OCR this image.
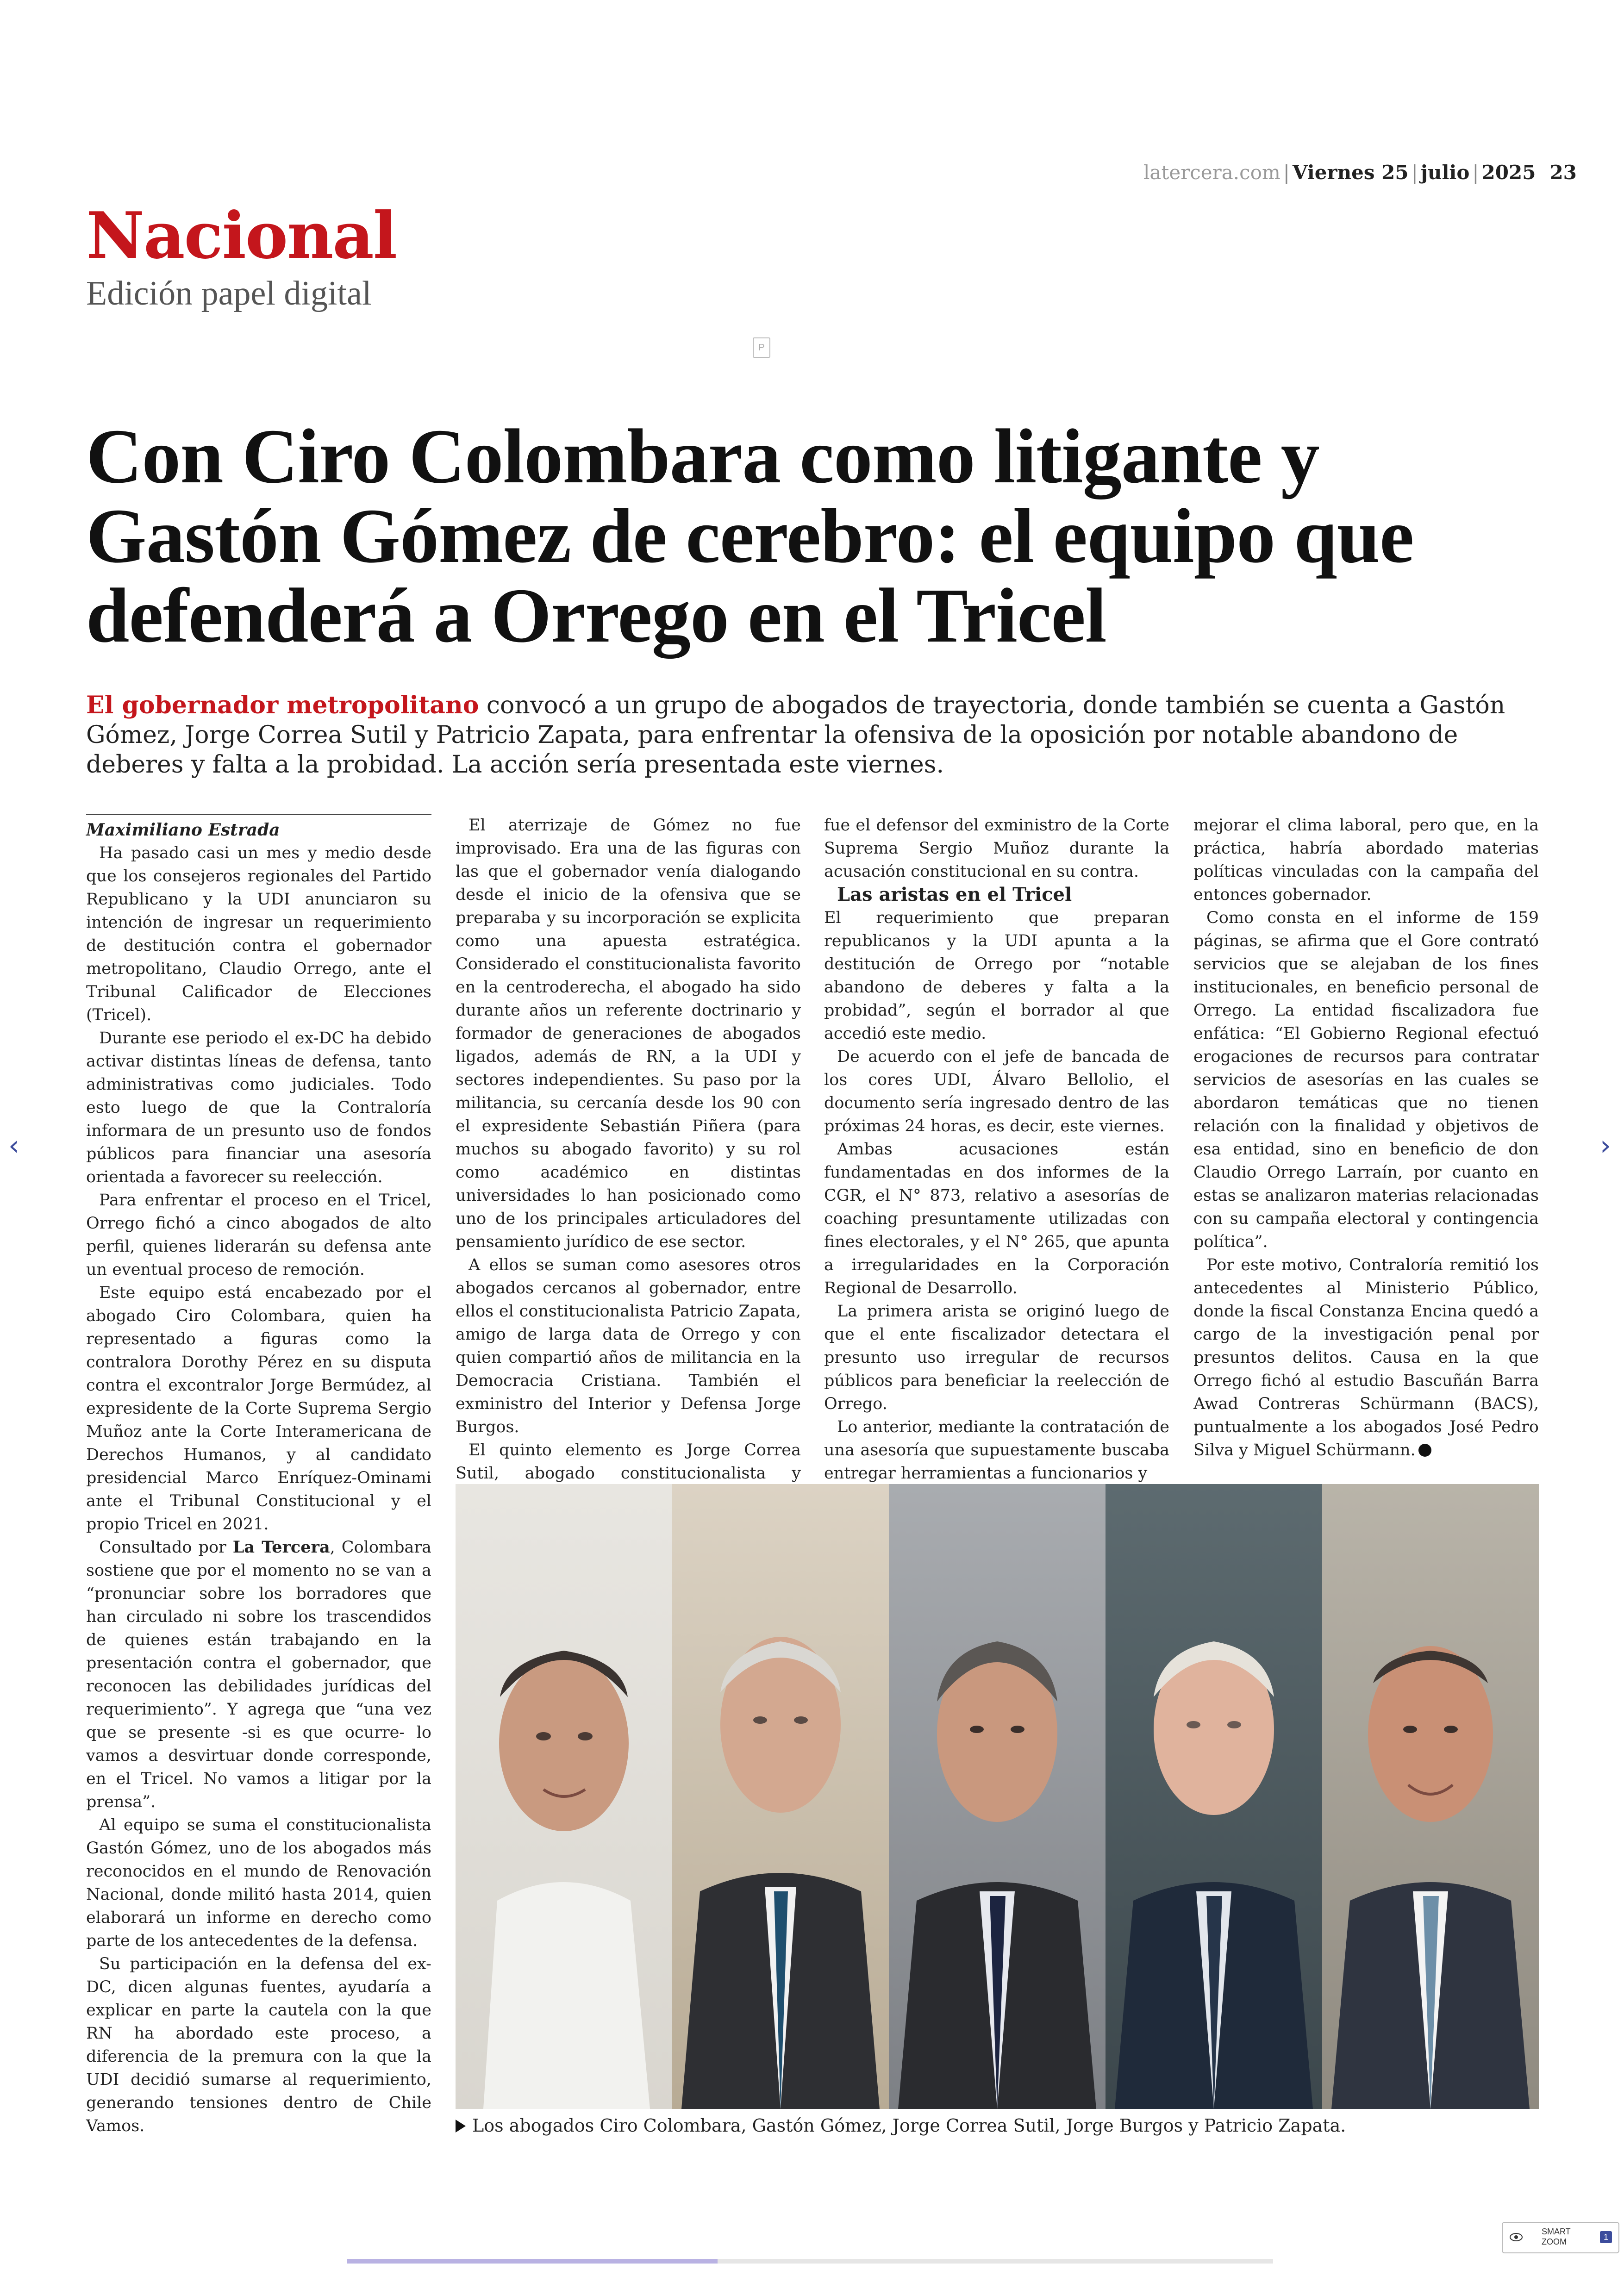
latercera.com | Viernes 25 | julio | 2025 23
Nacional
Edición papel digital
P
Con Ciro Colombara como litigante y Gastón Gómez de cerebro: el equipo que defenderá a Orrego en el Tricel
El gobernador metropolitano convocó a un grupo de abogados de trayectoria, donde también se cuenta a Gastón Gómez, Jorge Correa Sutil y Patricio Zapata, para enfrentar la ofensiva de la oposición por notable abandono de deberes y falta a la probidad. La acción sería presentada este viernes.

Maximiliano Estrada

Ha pasado casi un mes y medio desde que los consejeros regionales del Partido Republicano y la UDI anunciaron su intención de ingresar un requerimiento de destitución contra el gobernador metropolitano, Claudio Orrego, ante el Tribunal Calificador de Elecciones (Tricel).

Durante ese periodo el ex-DC ha debido activar distintas líneas de defensa, tanto administrativas como judiciales. Todo esto luego de que la Contraloría informara de un presunto uso de fondos públicos para financiar una asesoría orientada a favorecer su reelección.

Para enfrentar el proceso en el Tricel, Orrego fichó a cinco abogados de alto perfil, quienes liderarán su defensa ante un eventual proceso de remoción.

Este equipo está encabezado por el abogado Ciro Colombara, quien ha representado a figuras como la contralora Dorothy Pérez en su disputa contra el excontralor Jorge Bermúdez, al expresidente de la Corte Suprema Sergio Muñoz ante la Corte Interamericana de Derechos Humanos, y al candidato presidencial Marco Enríquez-Ominami ante el Tribunal Constitucional y el propio Tricel en 2021.

Consultado por La Tercera, Colombara sostiene que por el momento no se van a “pronunciar sobre los borradores que han circulado ni sobre los trascendidos de quienes están trabajando en la presentación contra el gobernador, que reconocen las debilidades jurídicas del requerimiento”. Y agrega que “una vez que se presente -si es que ocurre- lo vamos a desvirtuar donde corresponde, en el Tricel. No vamos a litigar por la prensa”.

Al equipo se suma el constitucionalista Gastón Gómez, uno de los abogados más reconocidos en el mundo de Renovación Nacional, donde militó hasta 2014, quien elaborará un informe en derecho como parte de los antecedentes de la defensa.

Su participación en la defensa del ex-DC, dicen algunas fuentes, ayudaría a explicar en parte la cautela con la que RN ha abordado este proceso, a diferencia de la premura con la que la UDI decidió sumarse al requerimiento, generando tensiones dentro de Chile Vamos.

El aterrizaje de Gómez no fue improvisado. Era una de las figuras con las que el gobernador venía dialogando desde el inicio de la ofensiva que se preparaba y su incorporación se explicita como una apuesta estratégica. Considerado el constitucionalista favorito en la centroderecha, el abogado ha sido durante años un referente doctrinario y formador de generaciones de abogados ligados, además de RN, a la UDI y sectores independientes. Su paso por la militancia, su cercanía desde los 90 con el expresidente Sebastián Piñera (para muchos su abogado favorito) y su rol como académico en distintas universidades lo han posicionado como uno de los principales articuladores del pensamiento jurídico de ese sector.

A ellos se suman como asesores otros abogados cercanos al gobernador, entre ellos el constitucionalista Patricio Zapata, amigo de larga data de Orrego y con quien compartió años de militancia en la Democracia Cristiana. También el exministro del Interior y Defensa Jorge Burgos.

El quinto elemento es Jorge Correa Sutil, abogado constitucionalista y

fue el defensor del exministro de la Corte Suprema Sergio Muñoz durante la acusación constitucional en su contra.

Las aristas en el Tricel

El requerimiento que preparan republicanos y la UDI apunta a la destitución de Orrego por “notable abandono de deberes y falta a la probidad”, según el borrador al que accedió este medio.

De acuerdo con el jefe de bancada de los cores UDI, Álvaro Bellolio, el documento sería ingresado dentro de las próximas 24 horas, es decir, este viernes.

Ambas acusaciones están fundamentadas en dos informes de la CGR, el N° 873, relativo a asesorías de coaching presuntamente utilizadas con fines electorales, y el N° 265, que apunta a irregularidades en la Corporación Regional de Desarrollo.

La primera arista se originó luego de que el ente fiscalizador detectara el presunto uso irregular de recursos públicos para beneficiar la reelección de Orrego.

Lo anterior, mediante la contratación de una asesoría que supuestamente buscaba entregar herramientas a funcionarios y

mejorar el clima laboral, pero que, en la práctica, habría abordado materias políticas vinculadas con la campaña del entonces gobernador.

Como consta en el informe de 159 páginas, se afirma que el Gore contrató servicios que se alejaban de los fines institucionales, en beneficio personal de Orrego. La entidad fiscalizadora fue enfática: “El Gobierno Regional efectuó erogaciones de recursos para contratar servicios de asesorías en las cuales se abordaron temáticas que no tienen relación con la finalidad y objetivos de esa entidad, sino en beneficio de don Claudio Orrego Larraín, por cuanto en estas se analizaron materias relacionadas con su campaña electoral y contingencia política”.

Por este motivo, Contraloría remitió los antecedentes al Ministerio Público, donde la fiscal Constanza Encina quedó a cargo de la investigación penal por presuntos delitos. Causa en la que Orrego fichó al estudio Bascuñán Barra Awad Contreras Schürmann (BACS), puntualmente a los abogados José Pedro Silva y Miguel Schürmann.

Los abogados Ciro Colombara, Gastón Gómez, Jorge Correa Sutil, Jorge Burgos y Patricio Zapata.
‹	›
SMART
ZOOM	1
